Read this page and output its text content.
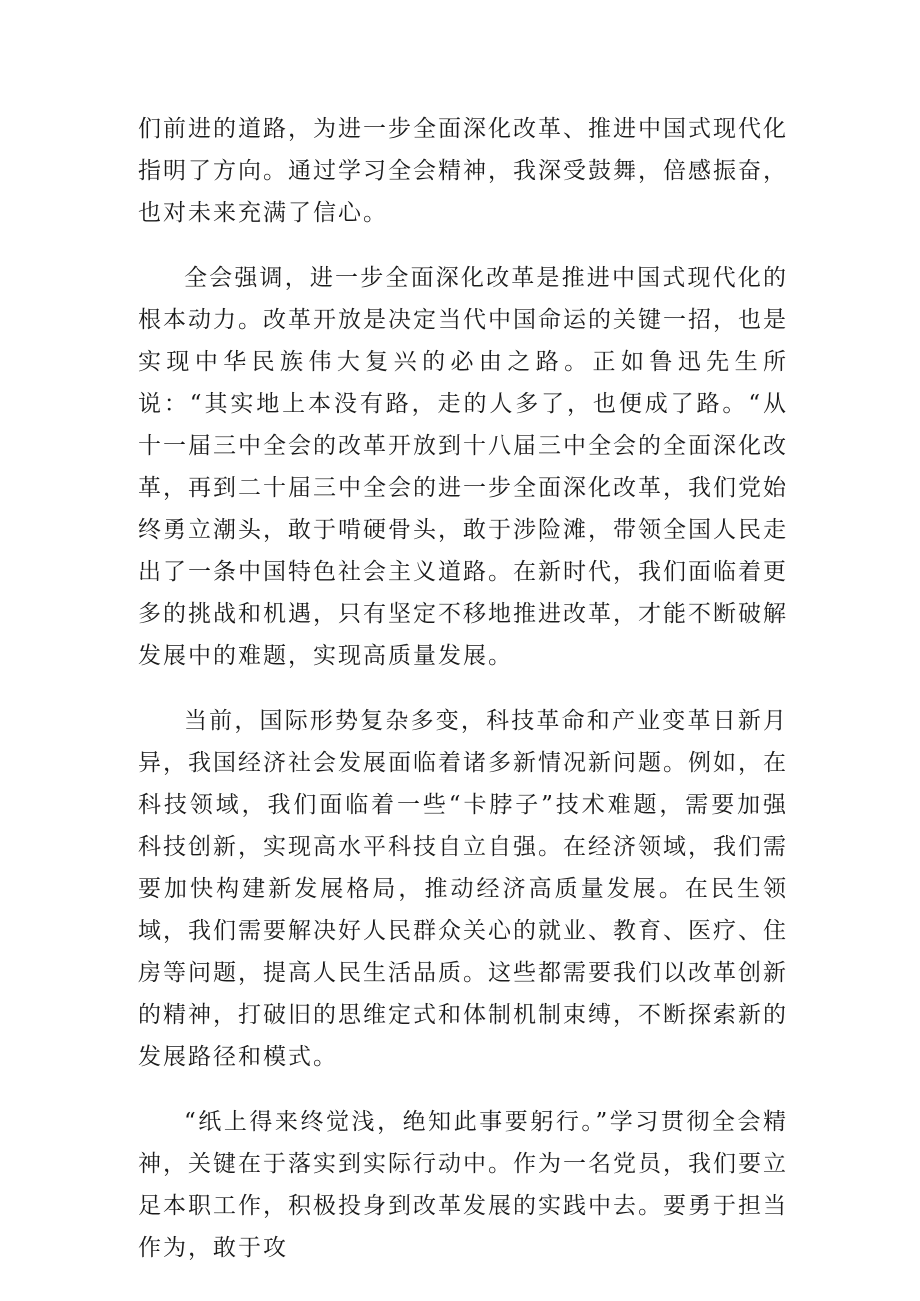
们前进的道路，为进一步全面深化改革、推进中国式现代化指明了方向。通过学习全会精神，我深受鼓舞，倍感振奋，也对未来充满了信心。

全会强调，进一步全面深化改革是推进中国式现代化的根本动力。改革开放是决定当代中国命运的关键一招，也是实现中华民族伟大复兴的必由之路。正如鲁迅先生所说：“其实地上本没有路，走的人多了，也便成了路。“从十一届三中全会的改革开放到十八届三中全会的全面深化改革，再到二十届三中全会的进一步全面深化改革，我们党始终勇立潮头，敢于啃硬骨头，敢于涉险滩，带领全国人民走出了一条中国特色社会主义道路。在新时代，我们面临着更多的挑战和机遇，只有坚定不移地推进改革，才能不断破解发展中的难题，实现高质量发展。

当前，国际形势复杂多变，科技革命和产业变革日新月异，我国经济社会发展面临着诸多新情况新问题。例如，在科技领域，我们面临着一些“卡脖子”技术难题，需要加强科技创新，实现高水平科技自立自强。在经济领域，我们需要加快构建新发展格局，推动经济高质量发展。在民生领域，我们需要解决好人民群众关心的就业、教育、医疗、住房等问题，提高人民生活品质。这些都需要我们以改革创新的精神，打破旧的思维定式和体制机制束缚，不断探索新的发展路径和模式。

“纸上得来终觉浅，绝知此事要躬行。”学习贯彻全会精神，关键在于落实到实际行动中。作为一名党员，我们要立足本职工作，积极投身到改革发展的实践中去。要勇于担当作为，敢于攻
